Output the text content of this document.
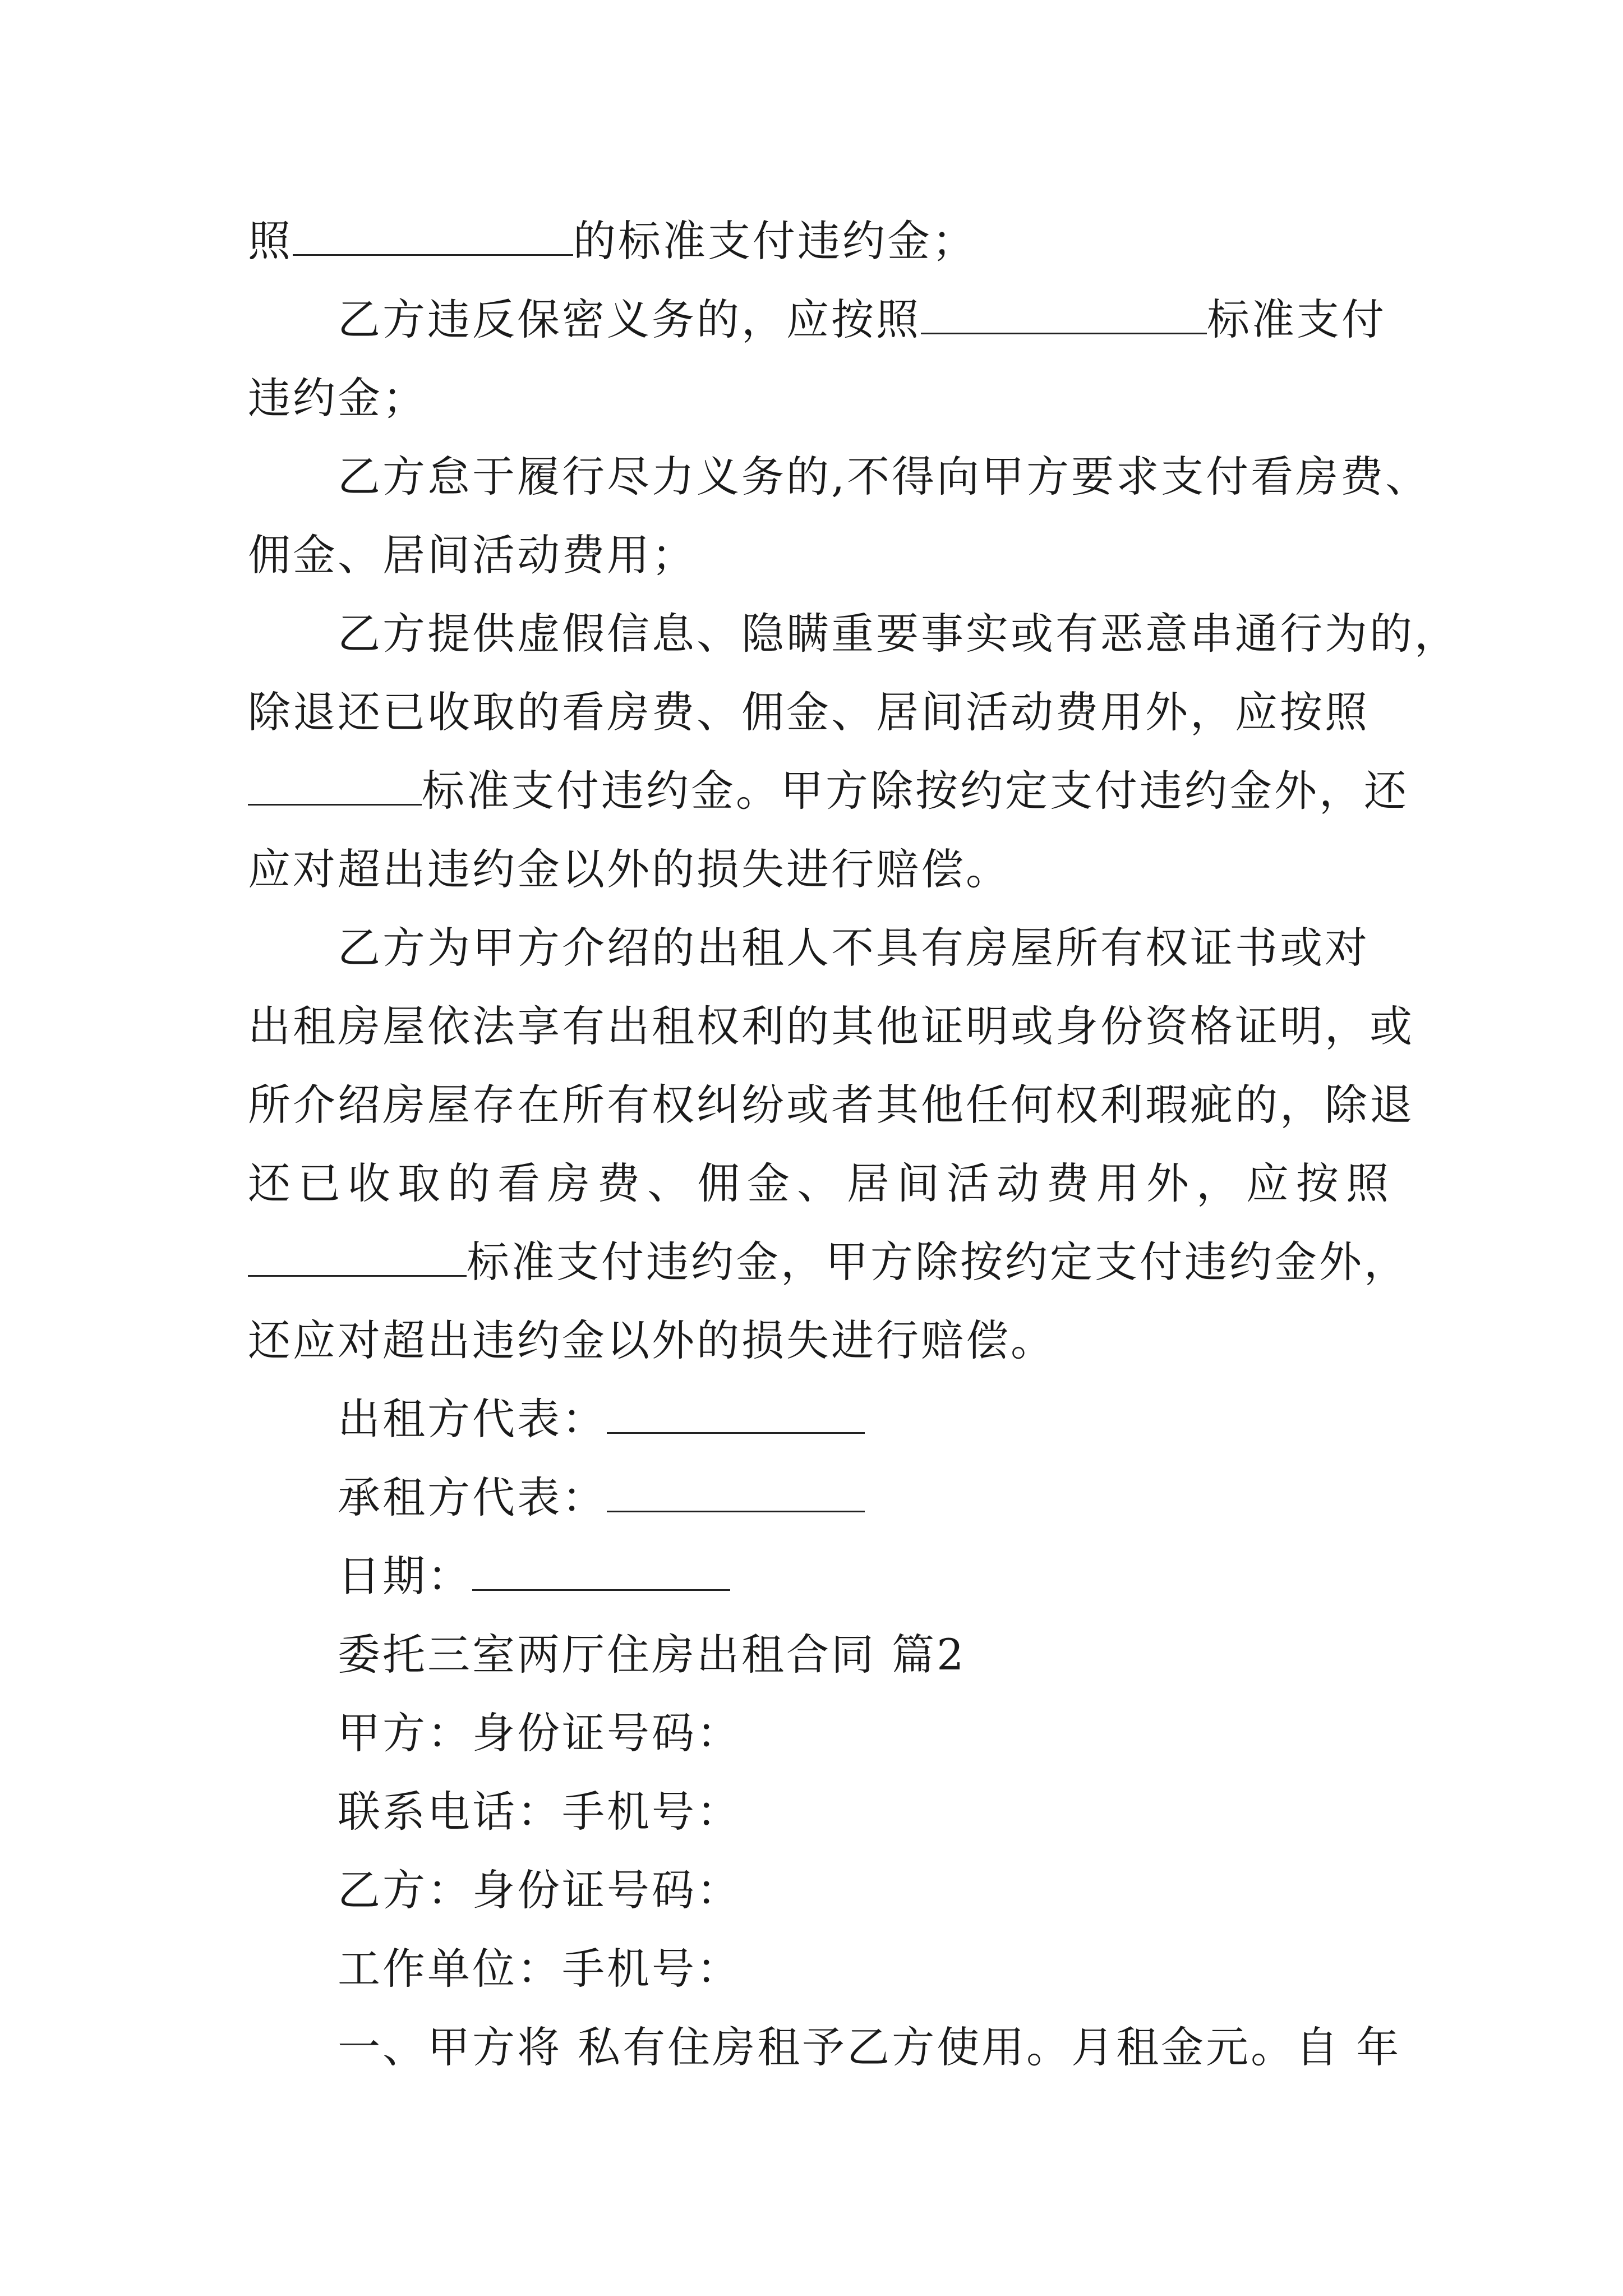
照	的标准支付违约金；
乙方违反保密义务的，应按照	标准支付
违约金；
乙方怠于履行尽力义务的,不得向甲方要求支付看房费、
佣金、居间活动费用；
乙方提供虚假信息、隐瞒重要事实或有恶意串通行为的，
除退还已收取的看房费、佣金、居间活动费用外，应按照
标准支付违约金。甲方除按约定支付违约金外，还
应对超出违约金以外的损失进行赔偿。
乙方为甲方介绍的出租人不具有房屋所有权证书或对
出租房屋依法享有出租权利的其他证明或身份资格证明，或
所介绍房屋存在所有权纠纷或者其他任何权利瑕疵的，除退
还已收取的看房费、佣金、居间活动费用外，应按照
标准支付违约金，甲方除按约定支付违约金外，
还应对超出违约金以外的损失进行赔偿。
出租方代表：
承租方代表：
日期：
委托三室两厅住房出租合同 篇2
甲方：身份证号码：
联系电话：手机号：
乙方：身份证号码：
工作单位：手机号：
一、甲方将 私有住房租予乙方使用。月租金元。自 年
